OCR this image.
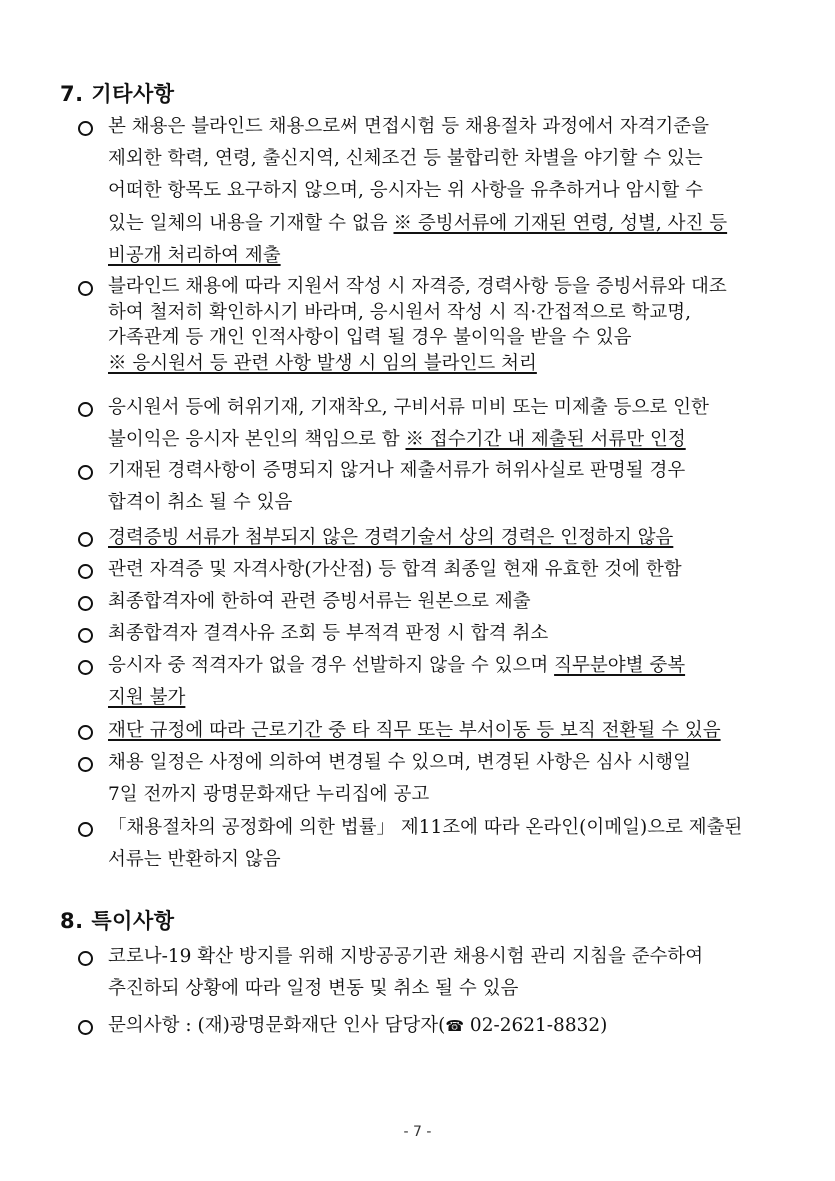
7. 기타사항
본 채용은 블라인드 채용으로써 면접시험 등 채용절차 과정에서 자격기준을
제외한 학력, 연령, 출신지역, 신체조건 등 불합리한 차별을 야기할 수 있는
어떠한 항목도 요구하지 않으며, 응시자는 위 사항을 유추하거나 암시할 수
있는 일체의 내용을 기재할 수 없음 ※ 증빙서류에 기재된 연령, 성별, 사진 등
비공개 처리하여 제출
블라인드 채용에 따라 지원서 작성 시 자격증, 경력사항 등을 증빙서류와 대조
하여 철저히 확인하시기 바라며, 응시원서 작성 시 직·간접적으로 학교명,
가족관계 등 개인 인적사항이 입력 될 경우 불이익을 받을 수 있음
※ 응시원서 등 관련 사항 발생 시 임의 블라인드 처리
응시원서 등에 허위기재, 기재착오, 구비서류 미비 또는 미제출 등으로 인한
불이익은 응시자 본인의 책임으로 함 ※ 접수기간 내 제출된 서류만 인정
기재된 경력사항이 증명되지 않거나 제출서류가 허위사실로 판명될 경우
합격이 취소 될 수 있음
경력증빙 서류가 첨부되지 않은 경력기술서 상의 경력은 인정하지 않음
관련 자격증 및 자격사항(가산점) 등 합격 최종일 현재 유효한 것에 한함
최종합격자에 한하여 관련 증빙서류는 원본으로 제출
최종합격자 결격사유 조회 등 부적격 판정 시 합격 취소
응시자 중 적격자가 없을 경우 선발하지 않을 수 있으며 직무분야별 중복
지원 불가
재단 규정에 따라 근로기간 중 타 직무 또는 부서이동 등 보직 전환될 수 있음
채용 일정은 사정에 의하여 변경될 수 있으며, 변경된 사항은 심사 시행일
7일 전까지 광명문화재단 누리집에 공고
「채용절차의 공정화에 의한 법률」 제11조에 따라 온라인(이메일)으로 제출된
서류는 반환하지 않음
8. 특이사항
코로나-19 확산 방지를 위해 지방공공기관 채용시험 관리 지침을 준수하여
추진하되 상황에 따라 일정 변동 및 취소 될 수 있음
문의사항 : (재)광명문화재단 인사 담당자(☎ 02-2621-8832)
- 7 -
